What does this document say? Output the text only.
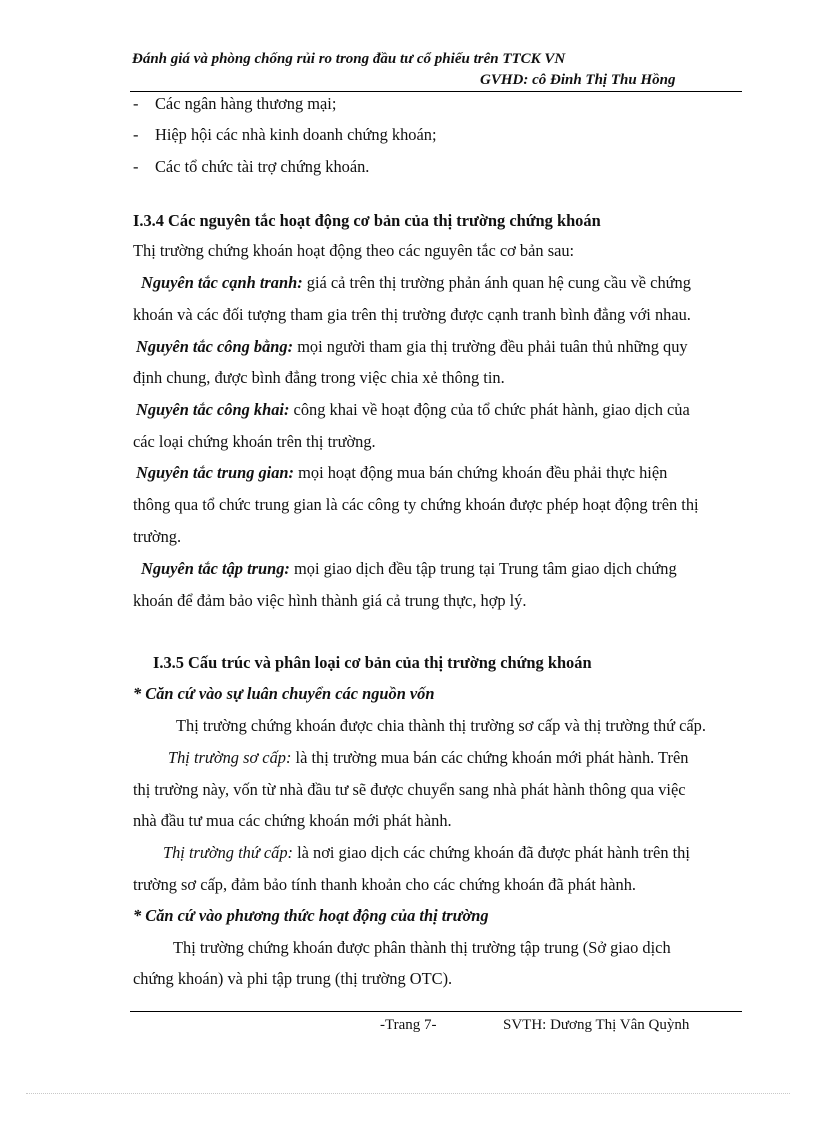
Đánh giá và phòng chống rủi ro trong đầu tư cổ phiếu trên TTCK VN
GVHD: cô Đinh Thị Thu Hồng
- Các ngân hàng thương mại;
- Hiệp hội các nhà kinh doanh chứng khoán;
- Các tổ chức tài trợ chứng khoán.
I.3.4 Các nguyên tắc hoạt động cơ bản của thị trường chứng khoán
Thị trường chứng khoán hoạt động theo các nguyên tắc cơ bản sau:
Nguyên tắc cạnh tranh: giá cả trên thị trường phản ánh quan hệ cung cầu về chứng
khoán và các đối tượng tham gia trên thị trường được cạnh tranh bình đẳng với nhau.
Nguyên tắc công bằng: mọi người tham gia thị trường đều phải tuân thủ những quy
định chung, được bình đẳng trong việc chia xẻ thông tin.
Nguyên tắc công khai: công khai về hoạt động của tổ chức phát hành, giao dịch của
các loại chứng khoán trên thị trường.
Nguyên tắc trung gian: mọi hoạt động mua bán chứng khoán đều phải thực hiện
thông qua tổ chức trung gian là các công ty chứng khoán được phép hoạt động trên thị
trường.
Nguyên tắc tập trung: mọi giao dịch đều tập trung tại Trung tâm giao dịch chứng
khoán để đảm bảo việc hình thành giá cả trung thực, hợp lý.
I.3.5 Cấu trúc và phân loại cơ bản của thị trường chứng khoán
* Căn cứ vào sự luân chuyển các nguồn vốn
Thị trường chứng khoán được chia thành thị trường sơ cấp và thị trường thứ cấp.
Thị trường sơ cấp: là thị trường mua bán các chứng khoán mới phát hành. Trên
thị trường này, vốn từ nhà đầu tư sẽ được chuyển sang nhà phát hành thông qua việc
nhà đầu tư mua các chứng khoán mới phát hành.
Thị trường thứ cấp: là nơi giao dịch các chứng khoán đã được phát hành trên thị
trường sơ cấp, đảm bảo tính thanh khoản cho các chứng khoán đã phát hành.
* Căn cứ vào phương thức hoạt động của thị trường
Thị trường chứng khoán được phân thành thị trường tập trung (Sở giao dịch
chứng khoán) và phi tập trung (thị trường OTC).
-Trang 7-	SVTH: Dương Thị Vân Quỳnh
